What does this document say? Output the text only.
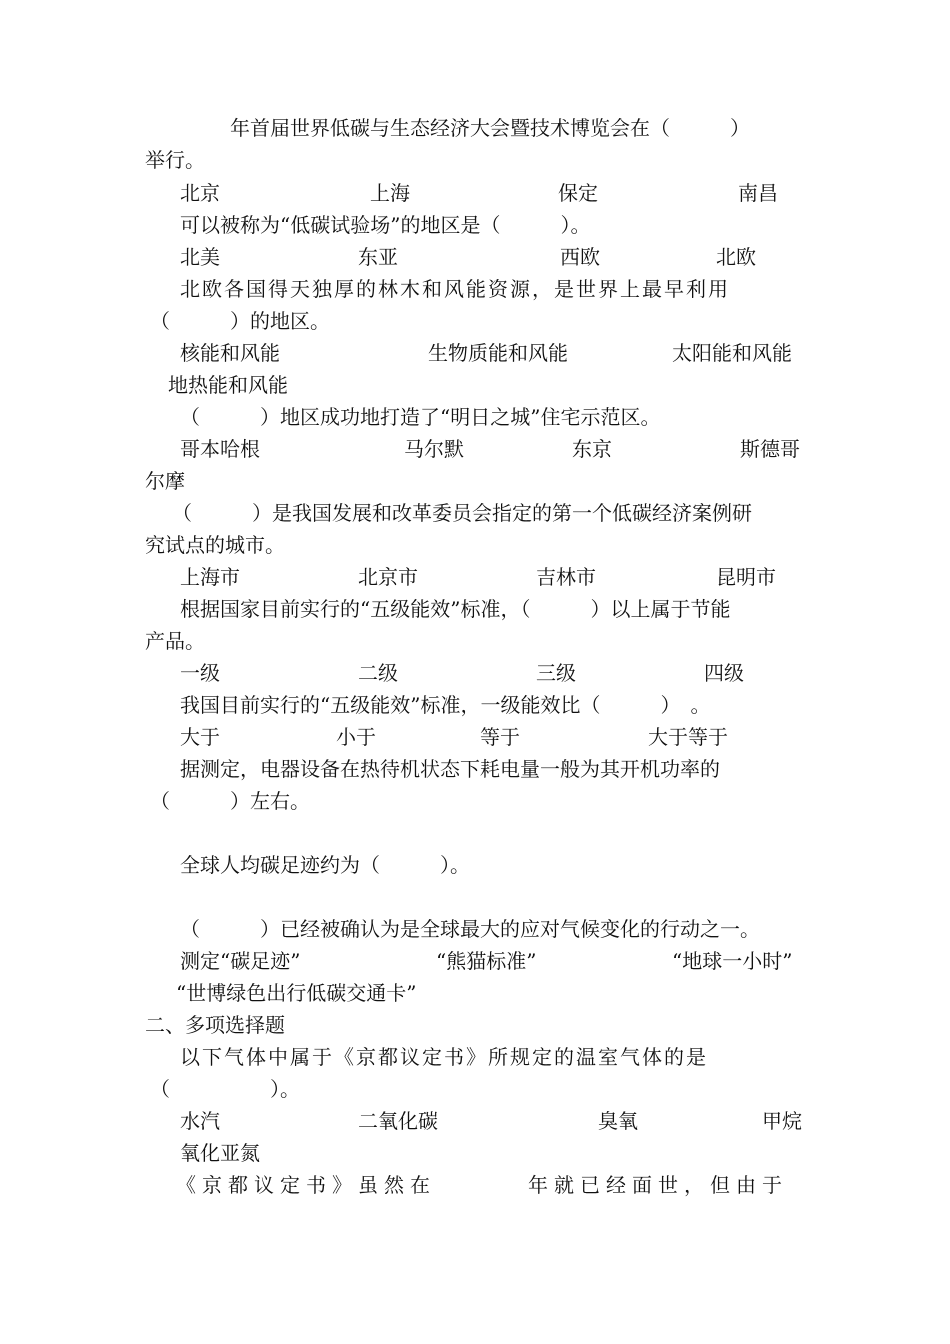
年首届世界低碳与生态经济大会暨技术博览会在（　　　）
举行。
北京	上海	保定	南昌
可以被称为“低碳试验场”的地区是（　　　）。
北美	东亚	西欧	北欧
北欧各国得天独厚的林木和风能资源，是世界上最早利用
（　　　）的地区。
核能和风能	生物质能和风能	太阳能和风能
地热能和风能
（　　　）地区成功地打造了“明日之城”住宅示范区。
哥本哈根	马尔默	东京	斯德哥
尔摩
（　　　）是我国发展和改革委员会指定的第一个低碳经济案例研
究试点的城市。
上海市	北京市	吉林市	昆明市
根据国家目前实行的“五级能效”标准，（　　　）以上属于节能
产品。
一级	二级	三级	四级
我国目前实行的“五级能效”标准，一级能效比（　　　）　。
大于	小于	等于	大于等于
据测定，电器设备在热待机状态下耗电量一般为其开机功率的
（　　　）左右。
全球人均碳足迹约为（　　　）。
（　　　）已经被确认为是全球最大的应对气候变化的行动之一。
测定“碳足迹”	“熊猫标准”	“地球一小时”
“世博绿色出行低碳交通卡”
二、多项选择题
以下气体中属于《京都议定书》所规定的温室气体的是
（　　　　　）。
水汽	二氧化碳	臭氧	甲烷
氧化亚氮
《京都议定书》虽然在	年就已经面世，但由于
